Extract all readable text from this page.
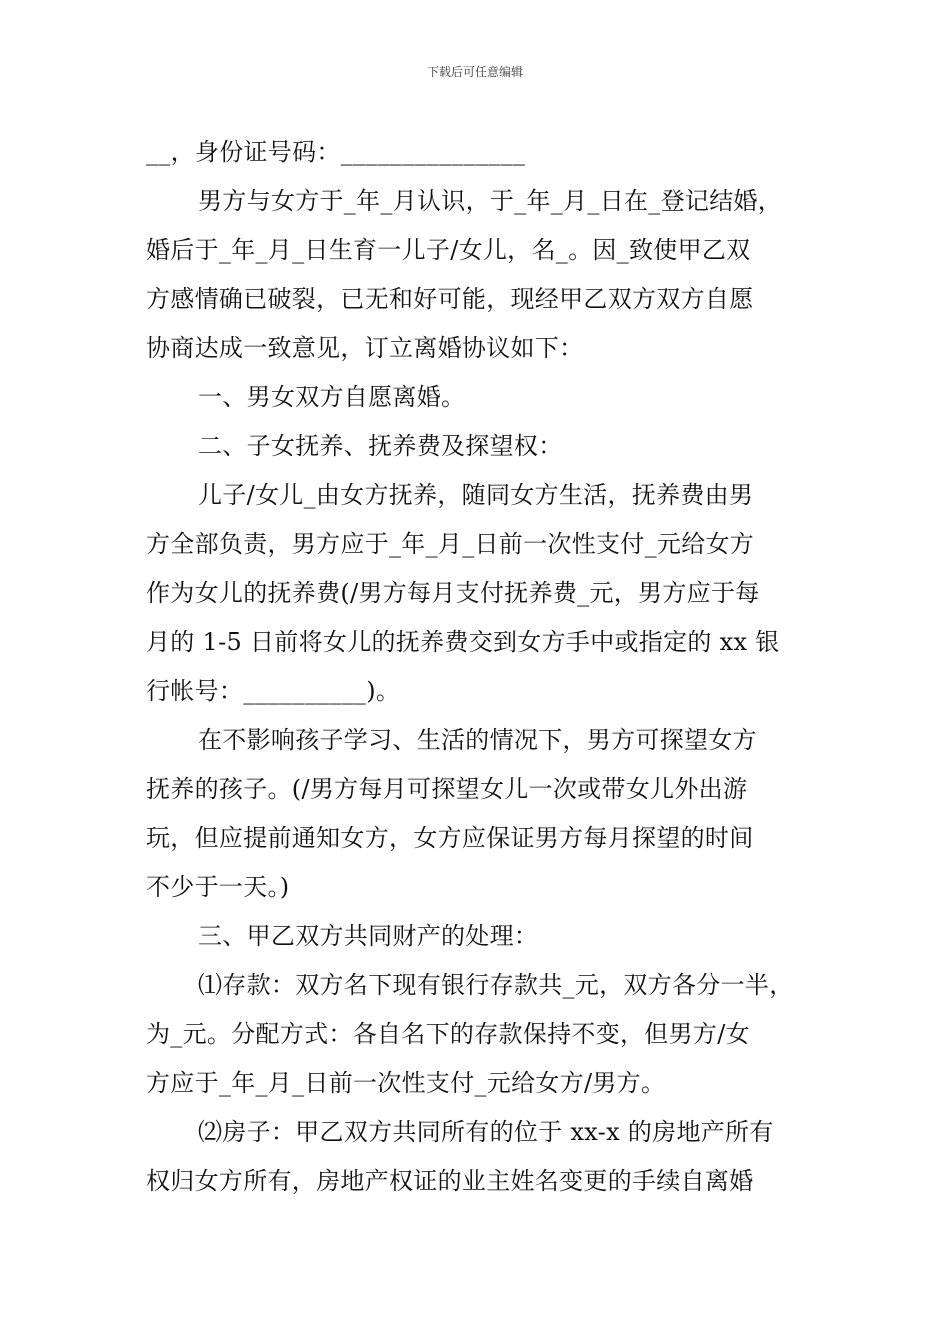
下载后可任意编辑
__，身份证号码：_______________
男方与女方于_年_月认识，于_年_月_日在_登记结婚，
婚后于_年_月_日生育一儿子/女儿，名_。因_致使甲乙双
方感情确已破裂，已无和好可能，现经甲乙双方双方自愿
协商达成一致意见，订立离婚协议如下：
一、男女双方自愿离婚。
二、子女抚养、抚养费及探望权：
儿子/女儿_由女方抚养，随同女方生活，抚养费由男
方全部负责，男方应于_年_月_日前一次性支付_元给女方
作为女儿的抚养费(/男方每月支付抚养费_元，男方应于每
月的 1-5 日前将女儿的抚养费交到女方手中或指定的 xx 银
行帐号：__________)。
在不影响孩子学习、生活的情况下，男方可探望女方
抚养的孩子。(/男方每月可探望女儿一次或带女儿外出游
玩，但应提前通知女方，女方应保证男方每月探望的时间
不少于一天。)
三、甲乙双方共同财产的处理：
⑴存款：双方名下现有银行存款共_元，双方各分一半，
为_元。分配方式：各自名下的存款保持不变，但男方/女
方应于_年_月_日前一次性支付_元给女方/男方。
⑵房子：甲乙双方共同所有的位于 xx-x 的房地产所有
权归女方所有，房地产权证的业主姓名变更的手续自离婚
